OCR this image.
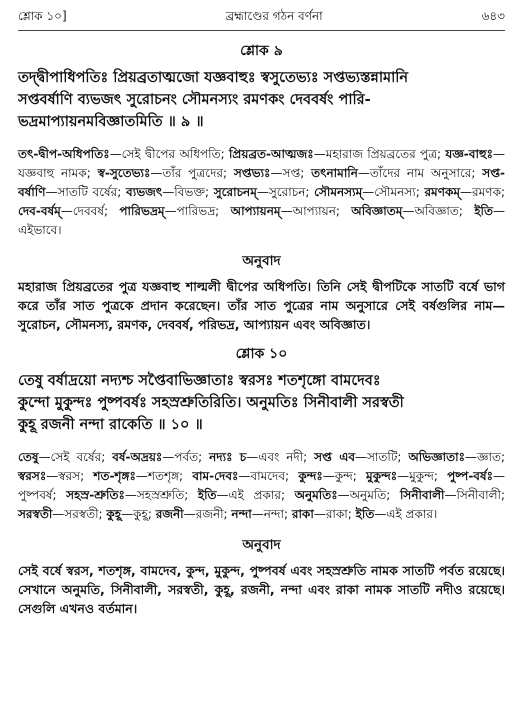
শ্লোক ১০]	ব্রহ্মাণ্ডের গঠন বর্ণনা	৬৪৩
শ্লোক ৯

তদ্দ্বীপাধিপতিঃ প্রিয়ব্রতাত্মজো যজ্ঞবাহুঃ স্বসুতেভ্যঃ সপ্তভ্যস্তন্নামানি

সপ্তবর্ষাণি ব্যভজৎ সুরোচনং সৌমনস্যং রমণকং দেববর্ষং পারি-

ভদ্রমাপ্যায়নমবিজ্ঞাতমিতি ॥ ৯ ॥

তৎ-দ্বীপ-অধিপতিঃ—সেই দ্বীপের অধিপতি; প্রিয়ব্রত-আত্মজঃ—মহারাজ প্রিয়ব্রতের পুত্র; যজ্ঞ-বাহুঃ—যজ্ঞবাহু নামক; স্ব-সুতেভ্যঃ—তাঁর পুত্রদের; সপ্তভ্যঃ—সপ্ত; তৎনামানি—তাঁদের নাম অনুসারে; সপ্ত-বর্ষাণি—সাতটি বর্ষের; ব্যভজৎ—বিভক্ত; সুরোচনম্—সুরোচন; সৌমনস্যম্—সৌমনস্য; রমণকম্—রমণক; দেব-বর্ষম্—দেববর্ষ; পারিভদ্রম্—পারিভদ্র; আপ্যায়নম্—আপ্যায়ন; অবিজ্ঞাতম্—অবিজ্ঞাত; ইতি—এইভাবে।
অনুবাদ
মহারাজ প্রিয়ব্রতের পুত্র যজ্ঞবাহু শাল্মলী দ্বীপের অধিপতি। তিনি সেই দ্বীপটিকে সাতটি বর্ষে ভাগ করে তাঁর সাত পুত্রকে প্রদান করেছেন। তাঁর সাত পুত্রের নাম অনুসারে সেই বর্ষগুলির নাম—সুরোচন, সৌমনস্য, রমণক, দেববর্ষ, পরিভদ্র, আপ্যায়ন এবং অবিজ্ঞাত।
শ্লোক ১০

তেষু বর্ষাদ্রয়ো নদ্যশ্চ সপ্তৈবাভিজ্ঞাতাঃ স্বরসঃ শতশৃঙ্গো বামদেবঃ

কুন্দো মুকুন্দঃ পুষ্পবর্ষঃ সহস্রশ্রুতিরিতি। অনুমতিঃ সিনীবালী সরস্বতী

কুহূ রজনী নন্দা রাকেতি ॥ ১০ ॥

তেষু—সেই বর্ষের; বর্ষ-অদ্রয়ঃ—পর্বত; নদ্যঃ চ—এবং নদী; সপ্ত এব—সাতটি; অভিজ্ঞাতাঃ—জ্ঞাত; স্বরসঃ—স্বরস; শত-শৃঙ্গঃ—শতশৃঙ্গ; বাম-দেবঃ—বামদেব; কুন্দঃ—কুন্দ; মুকুন্দঃ—মুকুন্দ; পুষ্প-বর্ষঃ—পুষ্পবর্ষ; সহস্র-শ্রুতিঃ—সহস্রশ্রুতি; ইতি—এই প্রকার; অনুমতিঃ—অনুমতি; সিনীবালী—সিনীবালী; সরস্বতী—সরস্বতী; কুহূ—কুহূ; রজনী—রজনী; নন্দা—নন্দা; রাকা—রাকা; ইতি—এই প্রকার।
অনুবাদ
সেই বর্ষে স্বরস, শতশৃঙ্গ, বামদেব, কুন্দ, মুকুন্দ, পুষ্পবর্ষ এবং সহস্রশ্রুতি নামক সাতটি পর্বত রয়েছে। সেখানে অনুমতি, সিনীবালী, সরস্বতী, কুহূ, রজনী, নন্দা এবং রাকা নামক সাতটি নদীও রয়েছে। সেগুলি এখনও বর্তমান।
